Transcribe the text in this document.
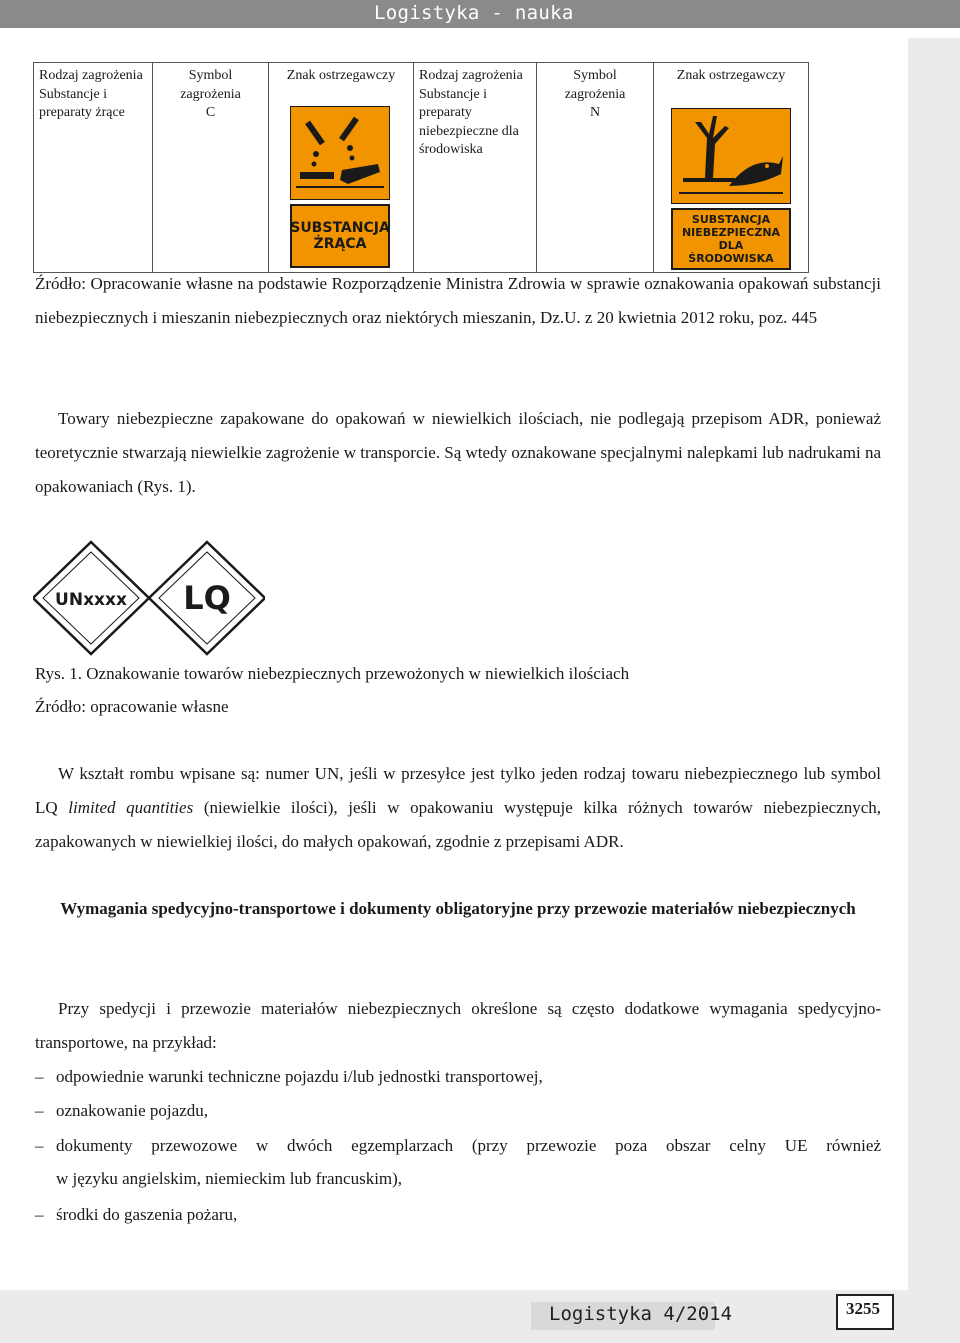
Logistyka - nauka
Rodzaj zagrożenia
Substancje i preparaty żrące

Symbol zagrożenia
C

Znak ostrzegawczy
SUBSTANCJA
ŻRĄCA

Rodzaj zagrożenia
Substancje i preparaty niebezpieczne dla środowiska

Symbol zagrożenia
N

Znak ostrzegawczy
SUBSTANCJA
NIEBEZPIECZNA
DLA
ŚRODOWISKA

Źródło: Opracowanie własne na podstawie Rozporządzenie Ministra Zdrowia w sprawie oznakowania opakowań substancji niebezpiecznych i mieszanin niebezpiecznych oraz niektórych mieszanin, Dz.U. z 20 kwietnia 2012 roku, poz. 445

Towary niebezpieczne zapakowane do opakowań w niewielkich ilościach, nie podlegają przepisom ADR, ponieważ teoretycznie stwarzają niewielkie zagrożenie w transporcie. Są wtedy oznakowane specjalnymi nalepkami lub nadrukami na opakowaniach (Rys. 1).

UNxxxx LQ
Rys. 1. Oznakowanie towarów niebezpiecznych przewożonych w niewielkich ilościach
Źródło: opracowanie własne

W kształt rombu wpisane są: numer UN, jeśli w przesyłce jest tylko jeden rodzaj towaru niebezpiecznego lub symbol LQ limited quantities (niewielkie ilości), jeśli w opakowaniu występuje kilka różnych towarów niebezpiecznych, zapakowanych w niewielkiej ilości, do małych opakowań, zgodnie z przepisami ADR.

Wymagania spedycyjno-transportowe i dokumenty obligatoryjne przy przewozie materiałów niebezpiecznych

Przy spedycji i przewozie materiałów niebezpiecznych określone są często dodatkowe wymagania spedycyjno-transportowe, na przykład:

– odpowiednie warunki techniczne pojazdu i/lub jednostki transportowej,
– oznakowanie pojazdu,
– dokumenty przewozowe w dwóch egzemplarzach (przy przewozie poza obszar celny UE również
w języku angielskim, niemieckim lub francuskim),
– środki do gaszenia pożaru,
Logistyka 4/2014	3255
